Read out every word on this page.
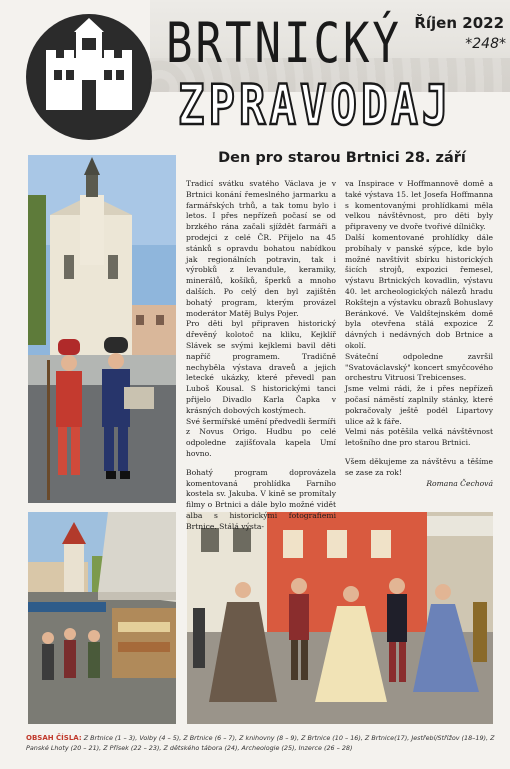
BRTNICKÝ
ZPRAVODAJ
Říjen 2022
*248*
Den pro starou Brtnici 28. září

Tradicí svátku svatého Václava je v Brtnici konání řemeslného jarmarku a farmářských trhů, a tak tomu bylo i letos. I přes nepřízeň počasí se od brzkého rána začali sjíždět farmáři a prodejci z celé ČR. Přijelo na 45 stánků s opravdu bohatou nabídkou jak regionálních potravin, tak i výrobků z levandule, keramiky, minerálů, košíků, šperků a mnoho dalších. Po celý den byl zajištěn bohatý program, kterým provázel moderátor Matěj Bulys Pojer.

Pro děti byl připraven historický dřevěný kolotoč na kliku, Kejklíř Slávek se svými kejklemi bavil děti napříč programem. Tradičně nechyběla výstava draveů a jejich letecké ukázky, které převedl pan Luboš Kousal. S historickými tanci přijelo Divadlo Karla Čapka v krásných dobových kostýmech.

Své šermířské umění předvedli šermíři z Novus Origo. Hudbu po celé odpoledne zajišťovala kapela Umí hovno.

Bohatý program doprovázela komentovaná prohlídka Farního kostela sv. Jakuba. V kině se promítaly filmy o Brtnici a dále bylo možné vidět alba s historickými fotografiemi Brtnice. Stálá výsta-

va Inspirace v Hoffmannově domě a také výstava 15. let Josefa Hoffmanna s komentovanými prohlídkami měla velkou návštěvnost, pro děti byly připraveny ve dvoře tvořivé dílničky.

Další komentované prohlídky dále probíhaly v panské sýpce, kde bylo možné navštívit sbírku historických šicích strojů, expozici řemesel, výstavu Brtnických kovadlin, výstavu 40. let archeologických nálezů hradu Rokštejn a výstavku obrazů Bohuslavy Beránkové. Ve Valdštejnském domě byla otevřena stálá expozice Z dávných i nedávných dob Brtnice a okolí.

Sváteční odpoledne završil "Svatováclavský" koncert smyčcového orchestru Vitruosi Trebicenses.

Jsme velmi rádi, že i přes nepřízeň počasí náměstí zaplnily stánky, které pokračovaly ještě podél Lipartovy ulice až k fáře.

Velmi nás potěšila velká návštěvnost letošního dne pro starou Brtnici.

Všem děkujeme za návštěvu a těšíme se zase za rok!

Romana Čechová

OBSAH ČÍSLA: Z Brtnice (1 – 3), Volby (4 – 5), Z Brtnice (6 – 7), Z knihovny (8 – 9), Z Brtnice (10 – 16), Z Brtnice(17), Jestřebí/Střížov (18–19), Z Panské Lhoty (20 – 21), Z Přísek (22 – 23), Z dětského tábora (24), Archeologie (25), Inzerce (26 – 28)
